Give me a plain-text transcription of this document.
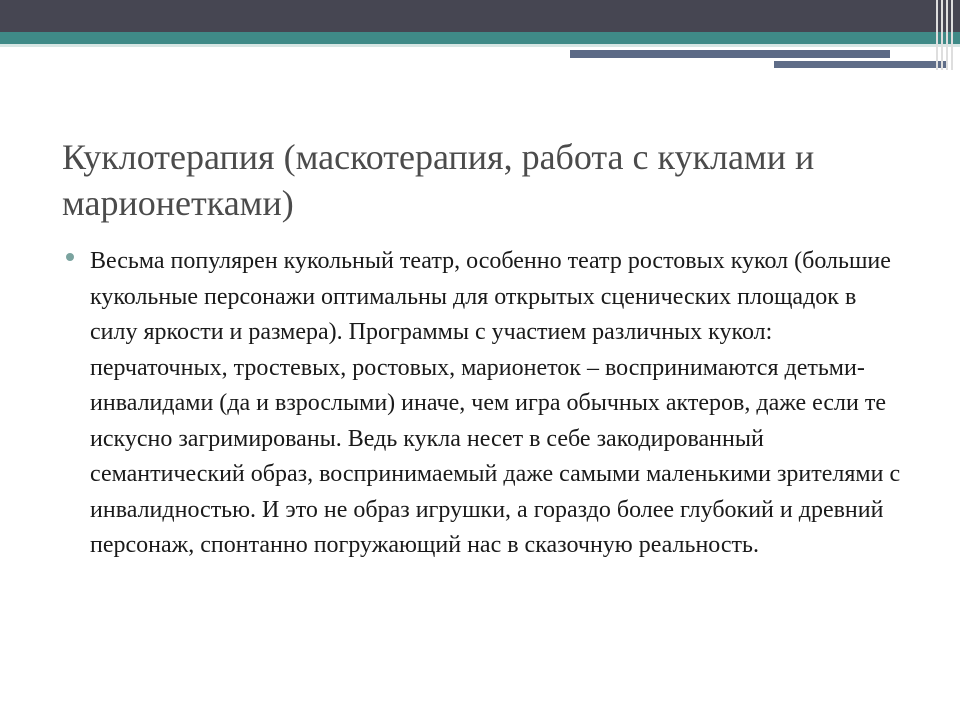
Куклотерапия (маскотерапия, работа с куклами и марионетками)

Весьма популярен кукольный театр, особенно театр ростовых кукол (большие кукольные персонажи оптимальны для открытых сценических площадок в силу яркости и размера). Программы с участием различных кукол: перчаточных, тростевых, ростовых, марионеток – воспринимаются детьми-инвалидами (да и взрослыми) иначе, чем игра обычных актеров, даже если те искусно загримированы. Ведь кукла несет в себе закодированный семантический образ, воспринимаемый даже самыми маленькими зрителями с инвалидностью. И это не образ игрушки, а гораздо более глубокий и древний персонаж, спонтанно погружающий нас в сказочную реальность.
